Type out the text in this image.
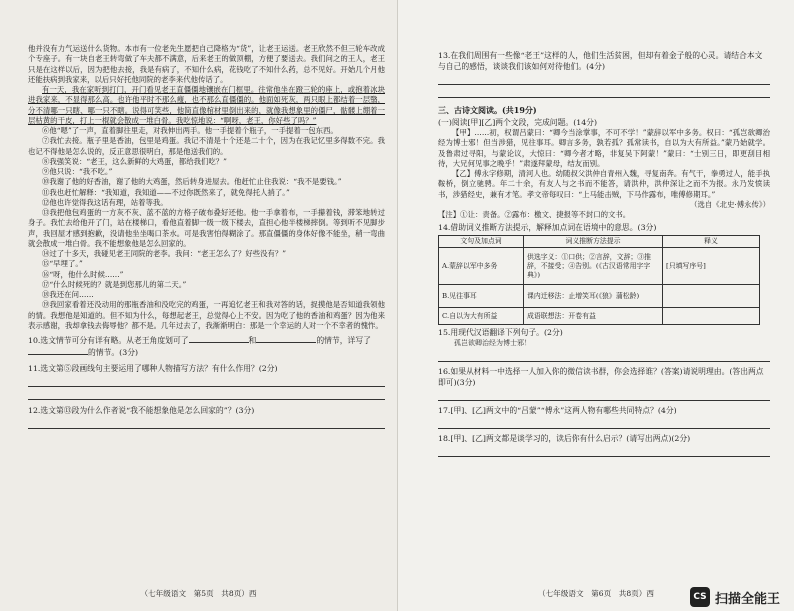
他并没有力气运送什么货物。本市有一位老先生愿把自己降格为“货”，让老王运送。老王欣然不但三轮车改成个专座子。有一块自老王转弯做了车夫都不满意，后来老王的做顶棚，方便了要送去。我们问之的王人，老王只是在这样以后，因为把他去接，我是有病了，不知什么病，花钱吃了不知什么药，总不见好。开始几个月他还能扶病到我家来，以后只好托他同院的老李来代他传话了。

有一天，我在家听到打门，开门看见老王直僵僵地镶嵌在门框里。往常他坐在蹬三轮的座上，或抱着冰块进我家来，不显得那么高。也许他平时不那么瘦，也不那么直僵僵的。他面如死灰，两只眼上都结着一层翳，分不清哪一只瞎、哪一只不瞎。说得可笑些，他简直像棺材里倒出来的，就像我想象里的僵尸，骷髅上绷着一层枯黄的干皮，打上一棍就会散成一堆白骨。我吃惊地说：“啊呀，老王，你好些了吗？”

⑥他“嗯”了一声，直着脚往里走，对我伸出两手。他一手提着个瓶子，一手提着一包东西。

⑦我忙去接。瓶子里是香油，包里是鸡蛋。我记不清是十个还是二十个，因为在我记忆里多得数不完。我也记不得他是怎么说的，反正意思很明白，那是他送我们的。

⑧我强笑说：“老王，这么新鲜的大鸡蛋，都给我们吃？”

⑨他只说：“我不吃。”

⑩我谢了他的好香油，谢了他的大鸡蛋，然后转身进屋去。他赶忙止住我说：“我不是要钱。”

⑪我也赶忙解释：“我知道，我知道——不过你既然来了，就免得托人捎了。”

⑫他也许觉得我这话有理，站着等我。

⑬我把他包鸡蛋的一方灰不灰、蓝不蓝的方格子破布叠好还他。他一手拿着布，一手攥着钱，滞笨地转过身子。我忙去给他开了门，站在楼梯口，看他直着脚一级一级下楼去，直担心他半楼梯摔倒。等到听不见脚步声，我回屋才感到抱歉，没请他坐坐喝口茶水。可是我害怕得糊涂了。那直僵僵的身体好像不能坐，稍一弯曲就会散成一堆白骨。我不能想象他是怎么回家的。

⑭过了十多天，我碰见老王同院的老李。我问：“老王怎么了？好些没有？”

⑮“早埋了。”

⑯“呀，他什么时候……”

⑰“什么时候死的？就是到您那儿的第二天。”

⑱我还在问……

⑲我回家看着还没动用的那瓶香油和没吃完的鸡蛋，一再追忆老王和我对答的话，捉摸他是否知道我领他的情。我想他是知道的。但不知为什么，每想起老王，总觉得心上不安。因为吃了他的香油和鸡蛋？因为他来表示感谢，我却拿钱去侮辱他？都不是。几年过去了，我渐渐明白：那是一个幸运的人对一个不幸者的愧怍。

10.选文情节可分有详有略。从老王角度划可了	和	的情节，详写了的情节。(3分)

11.选文第⑤段画线句主要运用了哪种人物描写方法？有什么作用？(2分)

12.选文第⑬段为什么作者说“我不能想象他是怎么回家的”？(3分)

（七年级语文　第5页　共8页）西

13.在我们周围有一些像“老王”这样的人，他们生活贫困，但却有着金子般的心灵。请结合本文与自己的感悟，谈谈我们该如何对待他们。(4分)

三、古诗文阅读。(共19分)

(一)阅读[甲][乙]两个文段，完成问题。(14分)

【甲】……初，权谓吕蒙曰：“卿今当涂掌事，不可不学！”蒙辞以军中多务。权曰：“孤岂欲卿治经为博士邪！但当涉猎，见往事耳。卿言多务，孰若孤？孤常读书，自以为大有所益。”蒙乃始就学。及鲁肃过寻阳，与蒙论议，大惊曰：“卿今者才略，非复吴下阿蒙！”蒙曰：“士别三日，即更刮目相待，大兄何见事之晚乎！”肃遂拜蒙母，结友而别。

【乙】傅永字修期，清河人也。幼随叔父洪仲自青州入魏，寻复南奔。有气干，拳勇过人，能手执鞍桥，倒立驰骋。年二十余，有友人与之书而不能答，请洪仲，洪仲深让之而不为报。永乃发愤读书，涉猎经史，兼有才笔。孝文帝每叹曰：“上马能击贼，下马作露布，唯傅修期耳。”

（选自《北史·傅永传》）

【注】①让：责备。②露布：檄文、捷报等不封口的文书。

14.借助词义推断方法提示，解释加点词在语境中的意思。(3分)

文句及加点词	词义推断方法提示	释义
A.蒙辞以军中多务	供选字义：①口供；②言辞，文辞；③推辞，不接受；④告别。(《古汉语常用字字典》)	[只填写序号]
B.见往事耳	课内迁移法：止增笑耳(《狼》蒲松龄)	
C.自以为大有所益	成语联想法：开卷有益	

15.用现代汉语翻译下列句子。(2分)

孤岂欲卿治经为博士邪！

16.如果从材料一中选择一人加入你的微信读书群，你会选择谁？(答案)请说明理由。(答出两点即可)(3分)

17.[甲]、[乙]两文中的“吕蒙”“傅永”这两人物有哪些共同特点？(4分)

18.[甲]、[乙]两文都是谈学习的，读后你有什么启示？(请写出两点)(2分)

（七年级语文　第6页　共8页）西	CS 扫描全能王
